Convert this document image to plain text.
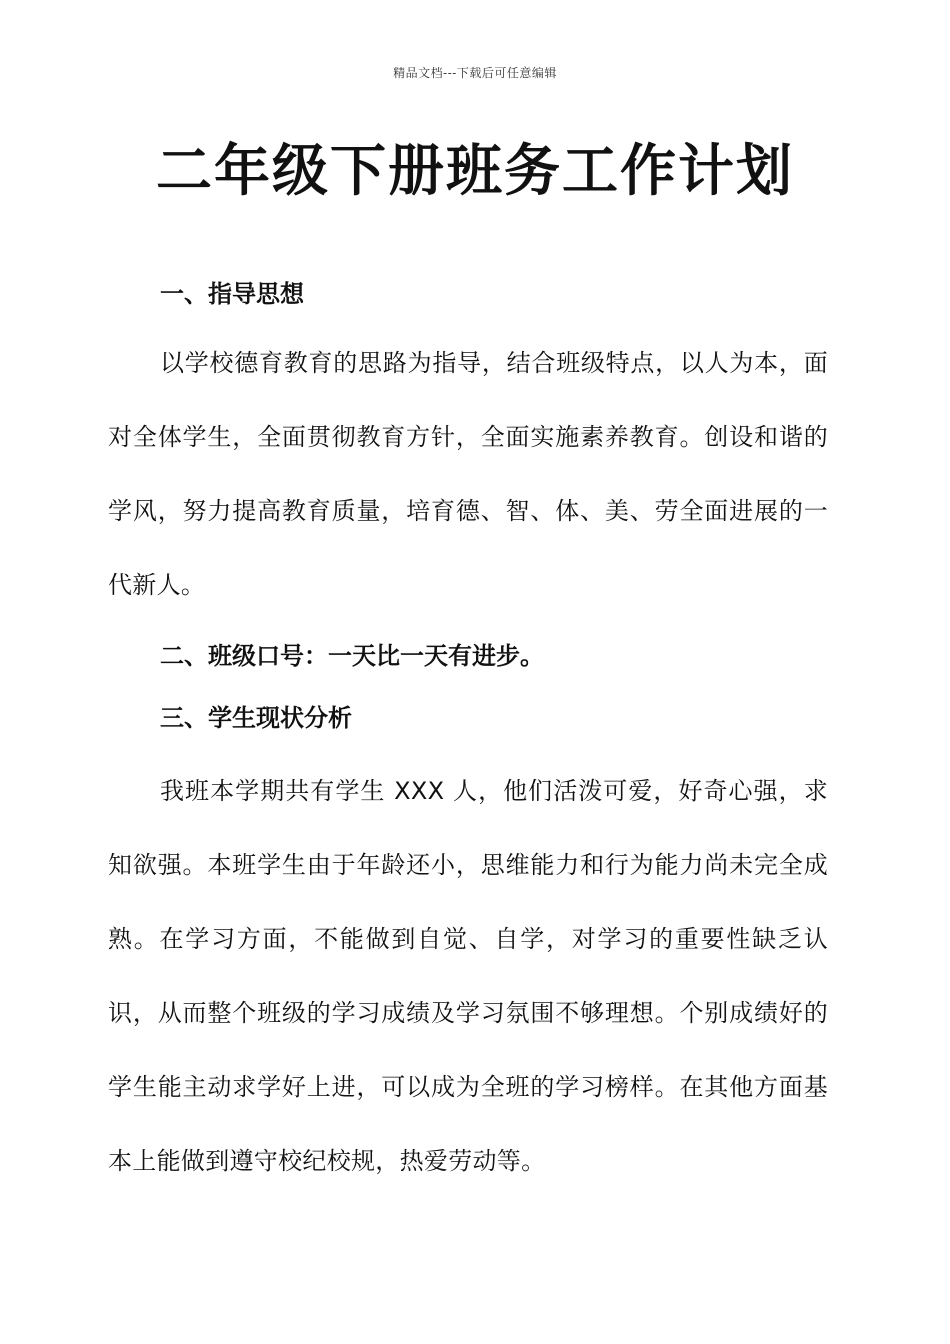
精品文档---下载后可任意编辑
二年级下册班务工作计划

一、指导思想

以学校德育教育的思路为指导，结合班级特点，以人为本，面对全体学生，全面贯彻教育方针，全面实施素养教育。创设和谐的学风，努力提高教育质量，培育德、智、体、美、劳全面进展的一代新人。

二、班级口号：一天比一天有进步。

三、学生现状分析

我班本学期共有学生 XXX 人，他们活泼可爱，好奇心强，求知欲强。本班学生由于年龄还小，思维能力和行为能力尚未完全成熟。在学习方面，不能做到自觉、自学，对学习的重要性缺乏认识，从而整个班级的学习成绩及学习氛围不够理想。个别成绩好的学生能主动求学好上进，可以成为全班的学习榜样。在其他方面基本上能做到遵守校纪校规，热爱劳动等。
